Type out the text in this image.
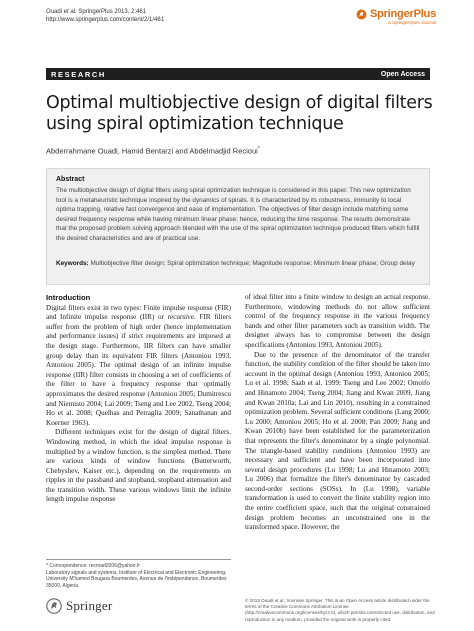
Ouadi et al. SpringerPlus 2013, 2:461
http://www.springerplus.com/content/2/1/461	SpringerPlus
a SpringerOpen Journal
RESEARCH	Open Access
Optimal multiobjective design of digital filters using spiral optimization technique
Abderrahmane Ouadi, Hamid Bentarzi and Abdelmadjid Recioui*
Abstract
The multiobjective design of digital filters using spiral optimization technique is considered in this paper. This new optimization tool is a metaheuristic technique inspired by the dynamics of spirals. It is characterized by its robustness, immunity to local optima trapping, relative fast convergence and ease of implementation. The objectives of filter design include matching some desired frequency response while having minimum linear phase; hence, reducing the time response. The results demonstrate that the proposed problem solving approach blended with the use of the spiral optimization technique produced filters which fulfill the desired characteristics and are of practical use.
Keywords: Multiobjective filter design; Spiral optimization technique; Magnitude response; Minimum linear phase; Group delay
Introduction

Digital filters exist in two types: Finite impulse response (FIR) and Infinite impulse response (IIR) or recursive. FIR filters suffer from the problem of high order (hence implementation and performance issues) if strict requirements are imposed at the design stage. Furthermore, IIR filters can have smaller group delay than its equivalent FIR filters (Antoniou 1993, Antoniou 2005). The optimal design of an infinite impulse response (IIR) filter consists in choosing a set of coefficients of the filter to have a frequency response that optimally approximates the desired response (Antoniou 2005; Dumitrescu and Niemisto 2004; Lai 2009; Tseng and Lee 2002, Tseng 2004; Ho et al. 2008; Quelhas and Petraglia 2009; Sanathanan and Koerner 1963).

Different techniques exist for the design of digital filters. Windowing method, in which the ideal impulse response is multiplied by a window function, is the simplest method. There are various kinds of window functions (Butterworth, Chebyshev, Kaiser etc.), depending on the requirements on ripples in the passband and stopband, stopband attenuation and the transition width. These various windows limit the infinite length impulse response

of ideal filter into a finite window to design an actual response. Furthermore, windowing methods do not allow sufficient control of the frequency response in the various frequency bands and other filter parameters such as transition width. The designer always has to compromise between the design specifications (Antoniou 1993, Antoniou 2005).

Due to the presence of the denominator of the transfer function, the stability condition of the filter should be taken into account in the optimal design (Antoniou 1993, Antoniou 2005; Lu et al. 1998; Saab et al. 1999; Tseng and Lee 2002; Omoifo and Hinamoto 2004; Tseng 2004; Jiang and Kwan 2009, Jiang and Kwan 2010a; Lai and Lin 2010), resulting in a constrained optimization problem. Several sufficient conditions (Lang 2000; Lu 2000; Antoniou 2005; Ho et al. 2008; Pan 2009; Jiang and Kwan 2010b) have been established for the parameterization that represents the filter's denominator by a single polynomial. The triangle-based stability conditions (Antoniou 1993) are necessary and sufficient and have been incorporated into several design procedures (Lu 1998; Lu and Hinamoto 2003; Lu 2006) that formalize the filter's denominator by cascaded second-order sections (SOSs). In (Lu 1998), variable transformation is used to convert the finite stability region into the entire coefficient space, such that the original constrained design problem becomes an unconstrained one in the transformed space. However, the

* Correspondence: recmad2006@yahoo.fr
Laboratory signals and systems, Institute of Electrical and Electronic Engineering, University M'hamed Bougara Boumerdes, Avenue de l'indépendance, Boumerdes 35000, Algeria
Springer	© 2013 Ouadi et al.; licensee Springer. This is an Open Access article distributed under the terms of the Creative Commons Attribution License (http://creativecommons.org/licenses/by/2.0), which permits unrestricted use, distribution, and reproduction in any medium, provided the original work is properly cited.
